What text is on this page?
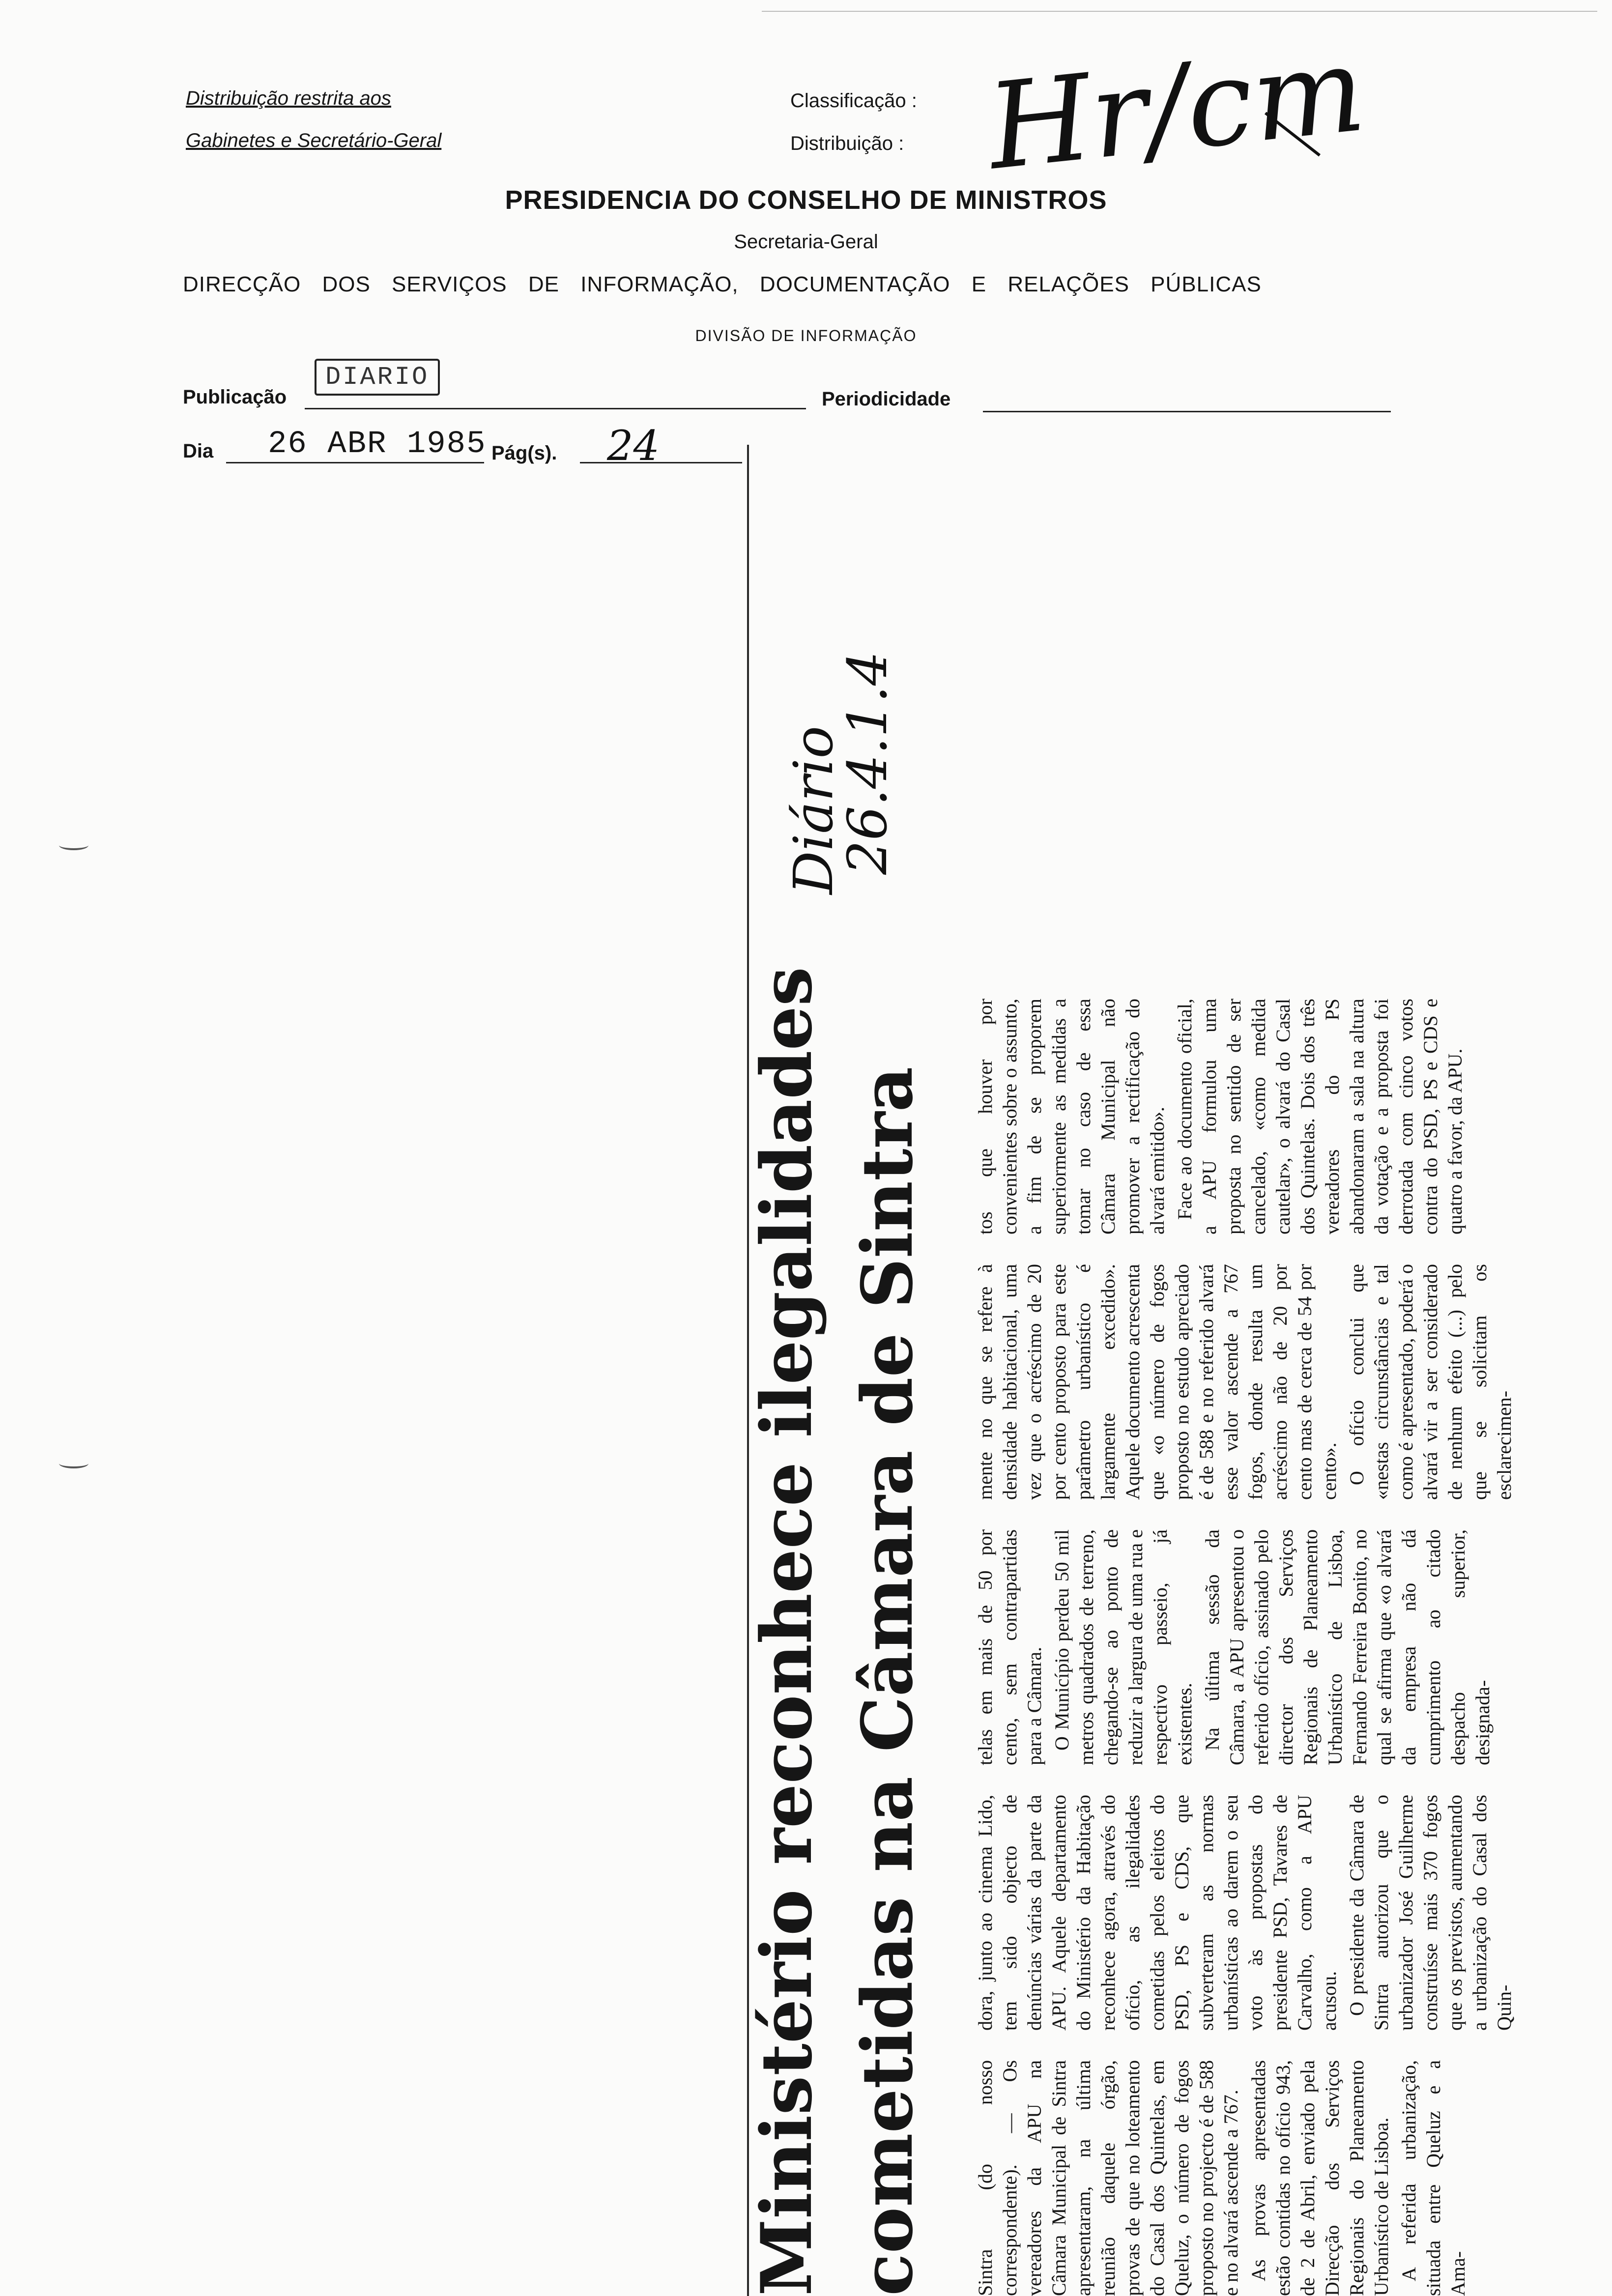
Distribuição restrita aos
Gabinetes e Secretário-Geral
Classificação :
Distribuição : Hr/cm
PRESIDENCIA DO CONSELHO DE MINISTROS
Secretaria-Geral
DIRECÇÃO DOS SERVIÇOS DE INFORMAÇÃO, DOCUMENTAÇÃO E RELAÇÕES PÚBLICAS
DIVISÃO DE INFORMAÇÃO
Publicação
DIARIO
Periodicidade
Dia 26 ABR 1985 Pág(s). 24
Diário
26.4.1.4
Ministério reconhece ilegalidades cometidas na Câmara de Sintra Sintra (do nosso correspondente). — Os vereadores da APU na Câmara Municipal de Sintra apresentaram, na última reunião daquele órgão, provas de que no loteamento do Casal dos Quintelas, em Queluz, o número de fogos proposto no projecto é de 588 e no alvará ascende a 767. As provas apresentadas estão contidas no ofício 943, de 2 de Abril, enviado pela Direcção dos Serviços Regionais do Planeamento Urbanístico de Lisboa. A referida urbanização, situada entre Queluz e a Ama-

dora, junto ao cinema Lido, tem sido objecto de denúncias várias da parte da APU. Aquele departamento do Ministério da Habitação reconhece agora, através do ofício, as ilegalidades cometidas pelos eleitos do PSD, PS e CDS, que subverteram as normas urbanísticas ao darem o seu voto às propostas do presidente PSD, Tavares de Carvalho, como a APU acusou. O presidente da Câmara de Sintra autorizou que o urbanizador José Guilherme construísse mais 370 fogos que os previstos, aumentando a urbanização do Casal dos Quin-

telas em mais de 50 por cento, sem contrapartidas para a Câmara. O Município perdeu 50 mil metros quadrados de terreno, chegando-se ao ponto de reduzir a largura de uma rua e respectivo passeio, já existentes. Na última sessão da Câmara, a APU apresentou o referido ofício, assinado pelo director dos Serviços Regionais de Planeamento Urbanístico de Lisboa, Fernando Ferreira Bonito, no qual se afirma que «o alvará da empresa não dá cumprimento ao citado despacho superior, designada-

mente no que se refere à densidade habitacional, uma vez que o acréscimo de 20 por cento proposto para este parâmetro urbanístico é largamente excedido». Aquele documento acrescenta que «o número de fogos proposto no estudo apreciado é de 588 e no referido alvará esse valor ascende a 767 fogos, donde resulta um acréscimo não de 20 por cento mas de cerca de 54 por cento». O ofício conclui que «nestas circunstâncias e tal como é apresentado, poderá o alvará vir a ser considerado de nenhum efeito (...) pelo que se solicitam os esclarecimen-

tos que houver por convenientes sobre o assunto, a fim de se proporem superiormente as medidas a tomar no caso de essa Câmara Municipal não promover a rectificação do alvará emitido». Face ao documento oficial, a APU formulou uma proposta no sentido de ser cancelado, «como medida cautelar», o alvará do Casal dos Quintelas. Dois dos três vereadores do PS abandonaram a sala na altura da votação e a proposta foi derrotada com cinco votos contra do PSD, PS e CDS e quatro a favor, da APU.
